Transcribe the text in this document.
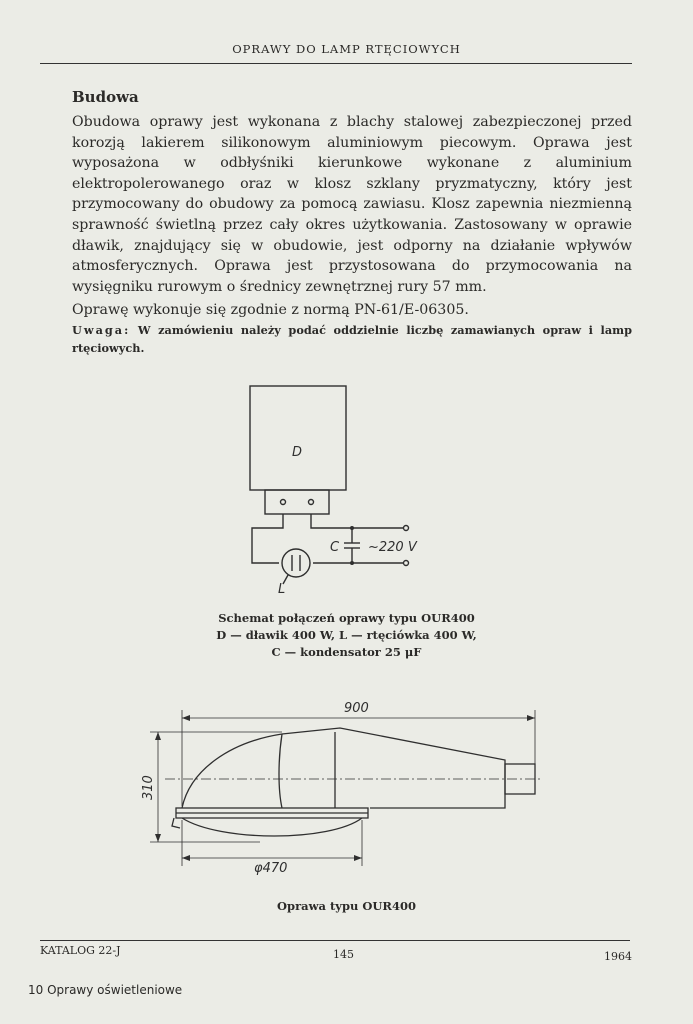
OPRAWY DO LAMP RTĘCIOWYCH
Budowa

Obudowa oprawy jest wykonana z blachy stalowej zabezpieczonej przed korozją lakierem silikonowym aluminiowym piecowym. Oprawa jest wyposażona w odbłyśniki kierunkowe wykonane z aluminium elektropolerowanego oraz w klosz szklany pryzmatyczny, który jest przymocowany do obudowy za pomocą zawiasu. Klosz zapewnia niezmienną sprawność świetlną przez cały okres użytkowania. Zastosowany w oprawie dławik, znajdujący się w obudowie, jest odporny na działanie wpływów atmosferycznych. Oprawa jest przystosowana do przymocowania na wysięgniku rurowym o średnicy zewnętrznej rury 57 mm.

Oprawę wykonuje się zgodnie z normą PN-61/E-06305.

Uwaga: W zamówieniu należy podać oddzielnie liczbę zamawianych opraw i lamp rtęciowych.
D
C ~220 V
L
Schemat połączeń oprawy typu OUR400
D — dławik 400 W, L — rtęciówka 400 W,
C — kondensator 25 μF
900
310
φ470
Oprawa typu OUR400
KATALOG 22-J	145	1964
10 Oprawy oświetleniowe
